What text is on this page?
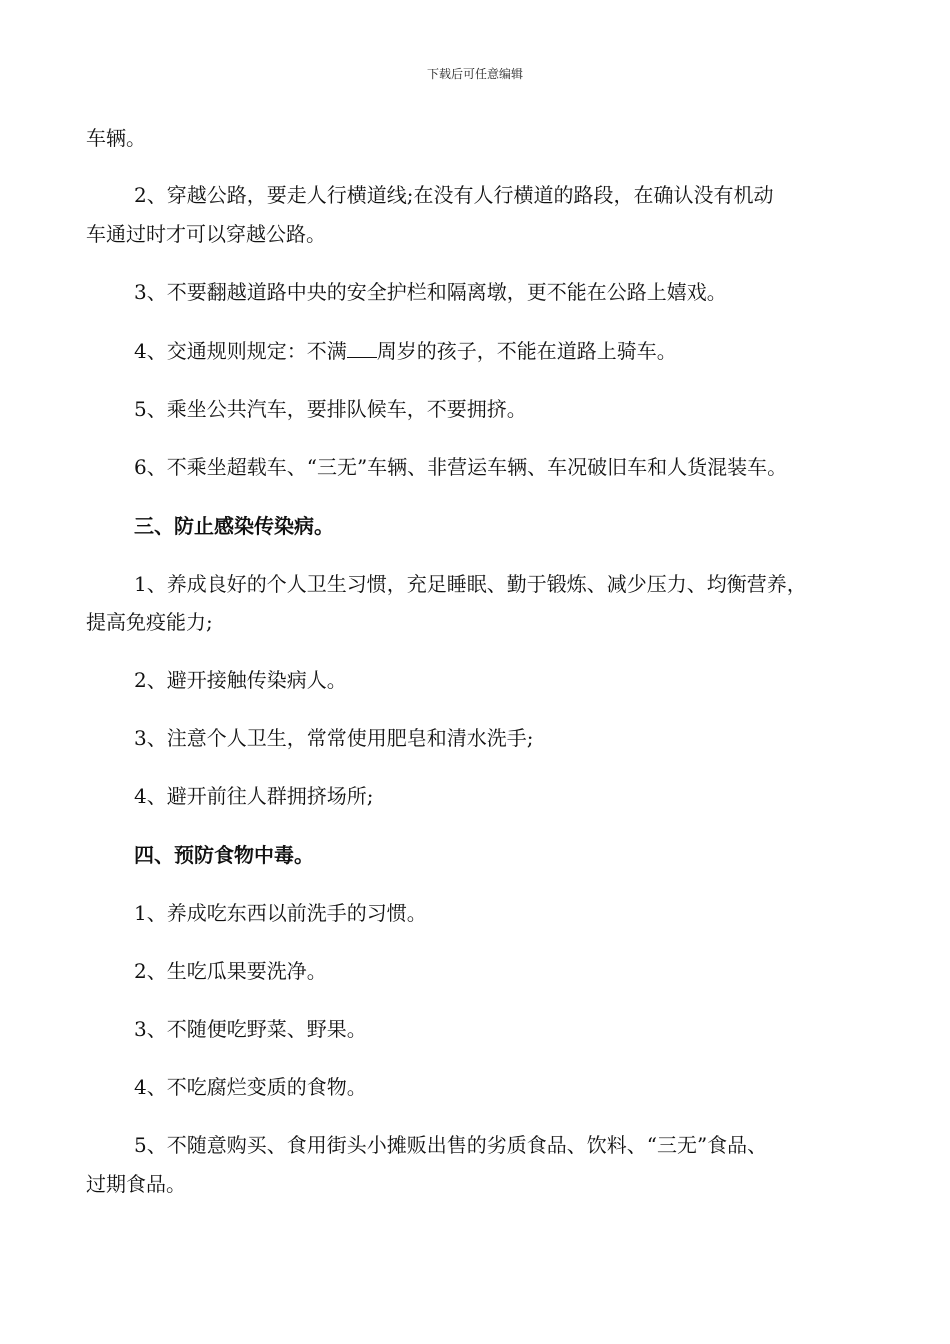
下载后可任意编辑
车辆。
2、穿越公路，要走人行横道线;在没有人行横道的路段，在确认没有机动
车通过时才可以穿越公路。
3、不要翻越道路中央的安全护栏和隔离墩，更不能在公路上嬉戏。
4、交通规则规定：不满 周岁的孩子，不能在道路上骑车。
5、乘坐公共汽车，要排队候车，不要拥挤。
6、不乘坐超载车、“三无”车辆、非营运车辆、车况破旧车和人货混装车。
三、防止感染传染病。
1、养成良好的个人卫生习惯，充足睡眠、勤于锻炼、减少压力、均衡营养，
提高免疫能力;
2、避开接触传染病人。
3、注意个人卫生，常常使用肥皂和清水洗手;
4、避开前往人群拥挤场所;
四、预防食物中毒。
1、养成吃东西以前洗手的习惯。
2、生吃瓜果要洗净。
3、不随便吃野菜、野果。
4、不吃腐烂变质的食物。
5、不随意购买、食用街头小摊贩出售的劣质食品、饮料、“三无”食品、
过期食品。
